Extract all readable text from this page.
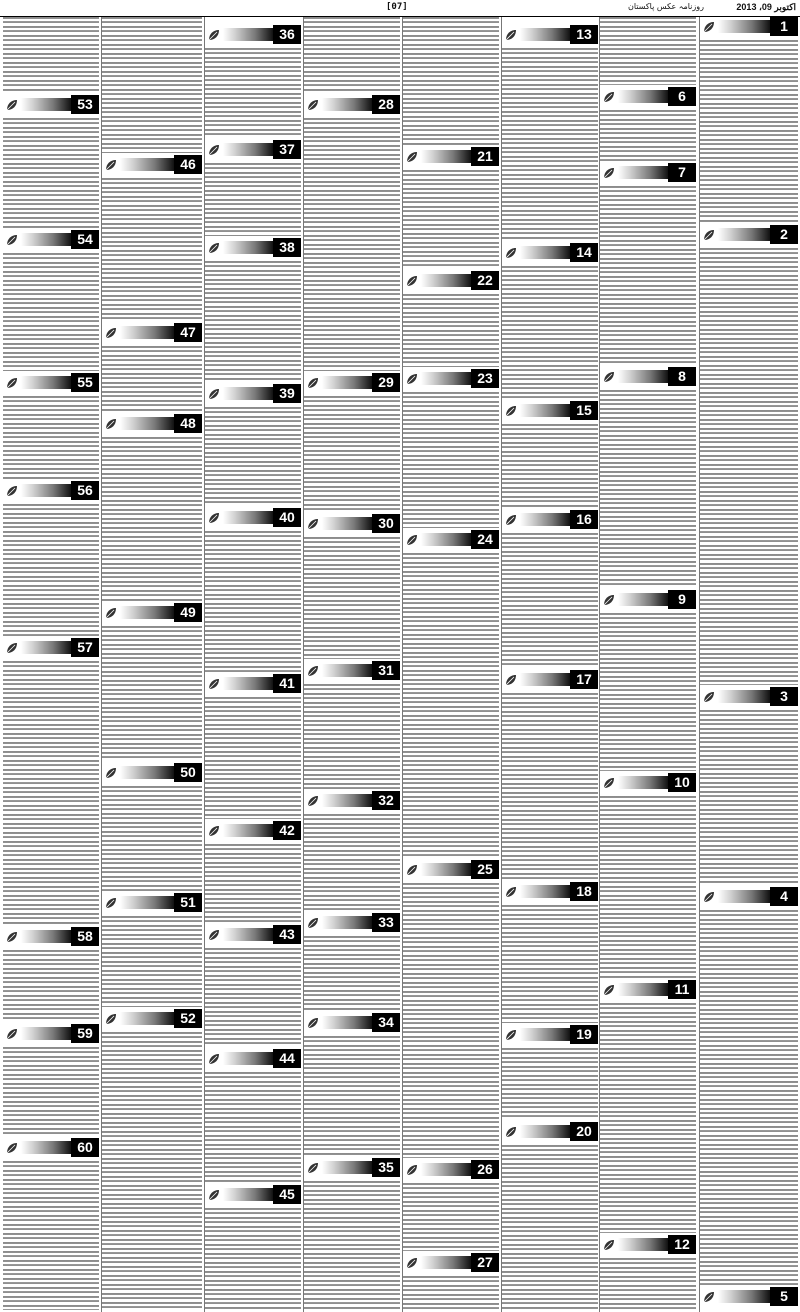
[07]	روزنامہ عکس پاکستان	2013 ،اکتوبر 09
1
2
3
4
5
6
7
8
9
10
11
12
13
14
15
16
17
18
19
20
21
22
23
24
25
26
27
28
29
30
31
32
33
34
35
36
37
38
39
40
41
42
43
44
45
46
47
48
49
50
51
52
53
54
55
56
57
58
59
60
